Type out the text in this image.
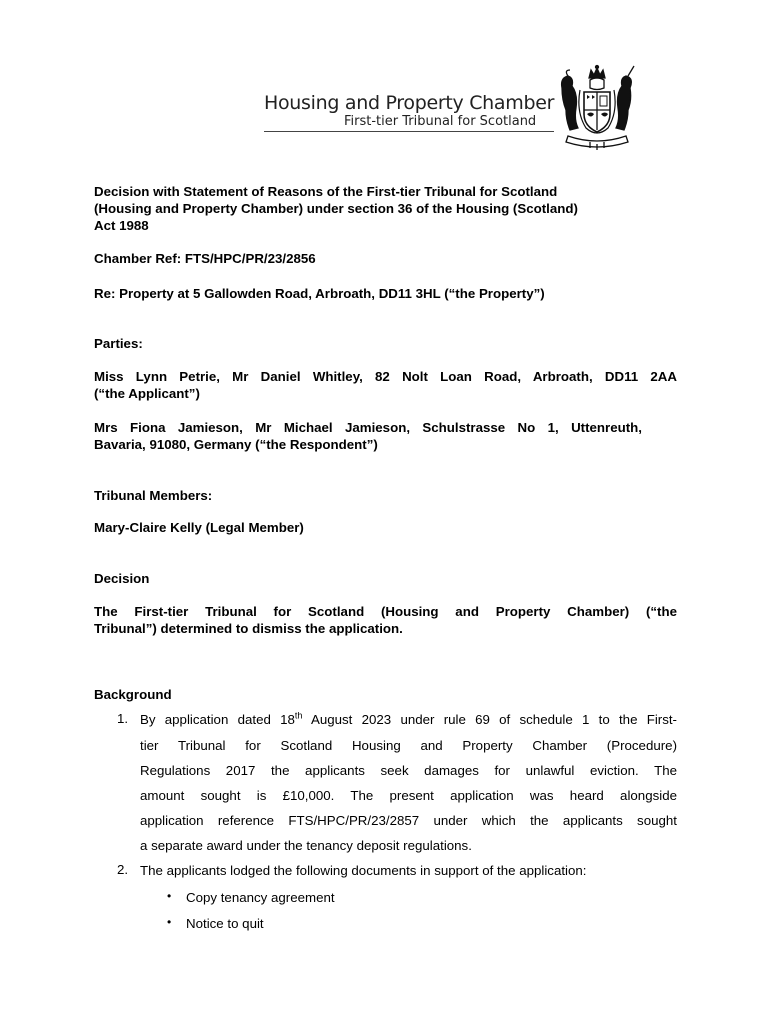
Housing and Property Chamber
First-tier Tribunal for Scotland
Decision with Statement of Reasons of the First-tier Tribunal for Scotland
(Housing and Property Chamber) under section 36 of the Housing (Scotland)
Act 1988
Chamber Ref: FTS/HPC/PR/23/2856
Re: Property at 5 Gallowden Road, Arbroath, DD11 3HL (“the Property”)
Parties:
Miss Lynn Petrie, Mr Daniel Whitley, 82 Nolt Loan Road, Arbroath, DD11 2AA
(“the Applicant”)
Mrs Fiona Jamieson, Mr Michael Jamieson, Schulstrasse No 1, Uttenreuth,
Bavaria, 91080, Germany (“the Respondent”)
Tribunal Members:
Mary-Claire Kelly (Legal Member)
Decision
The First-tier Tribunal for Scotland (Housing and Property Chamber) (“the
Tribunal”) determined to dismiss the application.
Background
1. By application dated 18th August 2023 under rule 69 of schedule 1 to the First-
tier Tribunal for Scotland Housing and Property Chamber (Procedure)
Regulations 2017 the applicants seek damages for unlawful eviction. The
amount sought is £10,000. The present application was heard alongside
application reference FTS/HPC/PR/23/2857 under which the applicants sought
a separate award under the tenancy deposit regulations.
2. The applicants lodged the following documents in support of the application:
• Copy tenancy agreement
• Notice to quit
